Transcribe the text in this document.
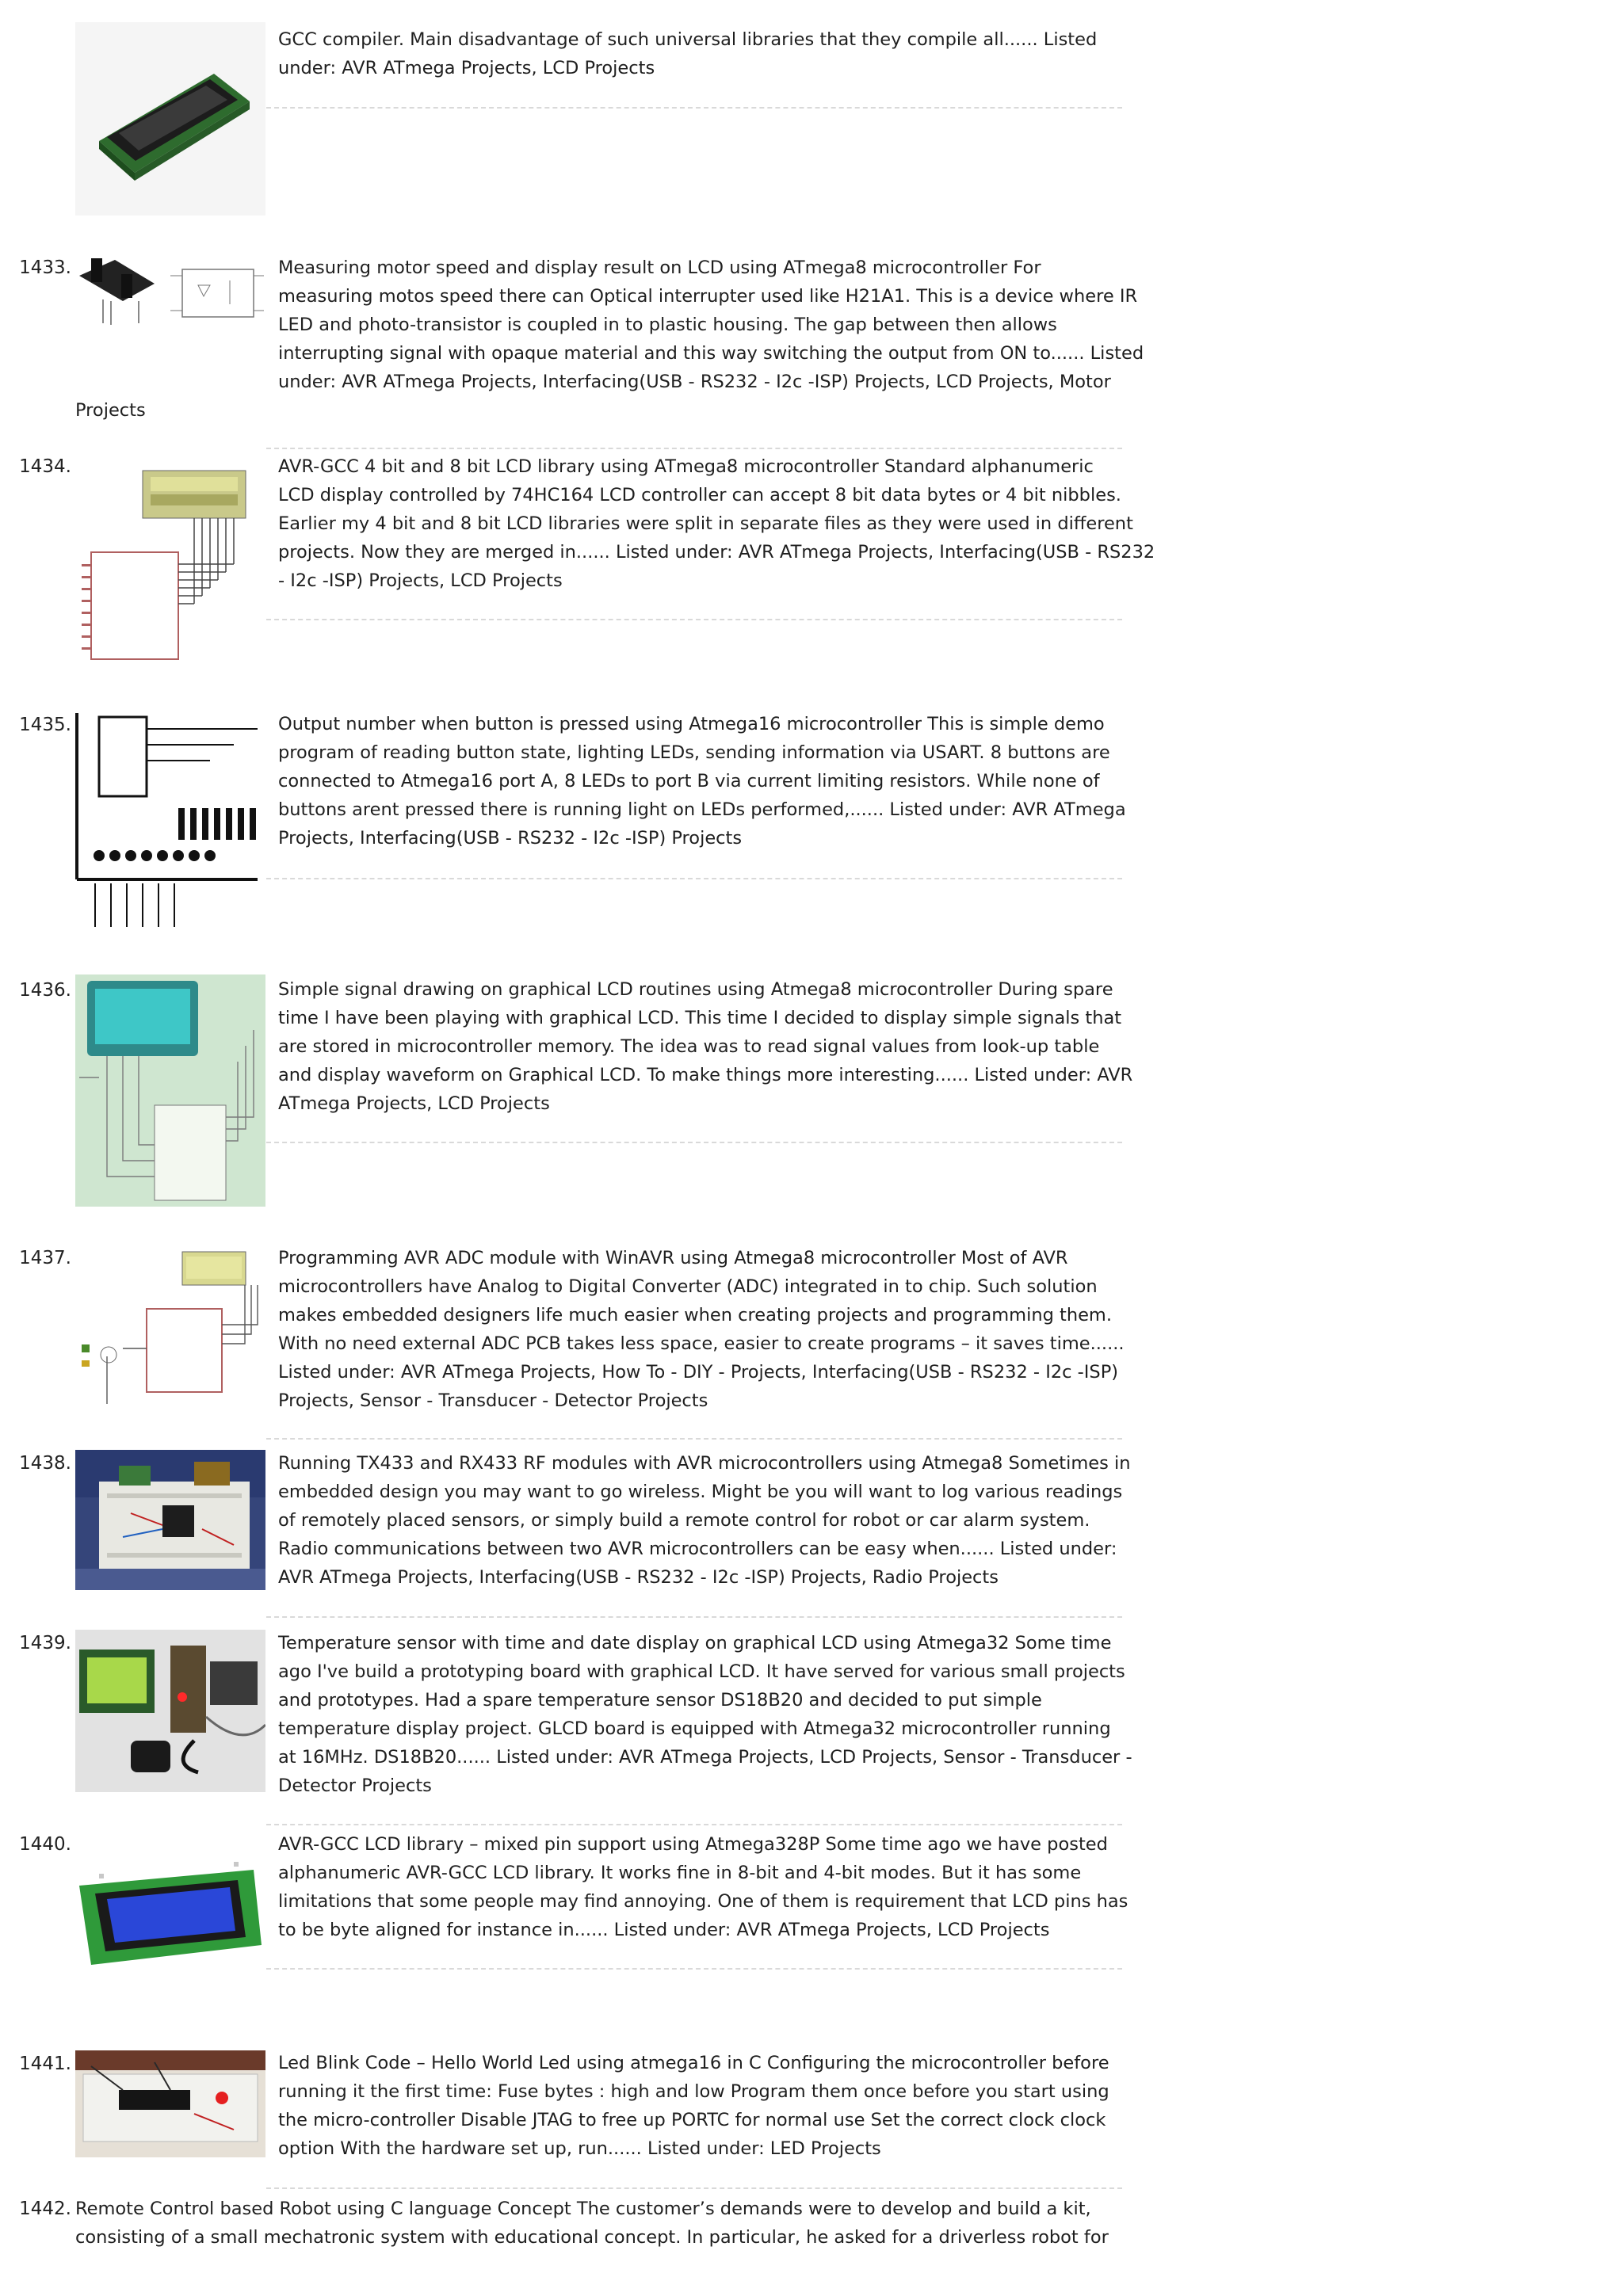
GCC compiler. Main disadvantage of such universal libraries that they compile all...... Listed
under: AVR ATmega Projects, LCD Projects
1433.	Measuring motor speed and display result on LCD using ATmega8 microcontroller For
measuring motos speed there can Optical interrupter used like H21A1. This is a device where IR
LED and photo-transistor is coupled in to plastic housing. The gap between then allows
interrupting signal with opaque material and this way switching the output from ON to...... Listed
under: AVR ATmega Projects, Interfacing(USB - RS232 - I2c -ISP) Projects, LCD Projects, Motor
Projects
1434.	AVR-GCC 4 bit and 8 bit LCD library using ATmega8 microcontroller Standard alphanumeric
LCD display controlled by 74HC164 LCD controller can accept 8 bit data bytes or 4 bit nibbles.
Earlier my 4 bit and 8 bit LCD libraries were split in separate files as they were used in different
projects. Now they are merged in...... Listed under: AVR ATmega Projects, Interfacing(USB - RS232
- I2c -ISP) Projects, LCD Projects
1435.	Output number when button is pressed using Atmega16 microcontroller This is simple demo
program of reading button state, lighting LEDs, sending information via USART. 8 buttons are
connected to Atmega16 port A, 8 LEDs to port B via current limiting resistors. While none of
buttons arent pressed there is running light on LEDs performed,...... Listed under: AVR ATmega
Projects, Interfacing(USB - RS232 - I2c -ISP) Projects
1436.	Simple signal drawing on graphical LCD routines using Atmega8 microcontroller During spare
time I have been playing with graphical LCD. This time I decided to display simple signals that
are stored in microcontroller memory. The idea was to read signal values from look-up table
and display waveform on Graphical LCD. To make things more interesting...... Listed under: AVR
ATmega Projects, LCD Projects
1437.	Programming AVR ADC module with WinAVR using Atmega8 microcontroller Most of AVR
microcontrollers have Analog to Digital Converter (ADC) integrated in to chip. Such solution
makes embedded designers life much easier when creating projects and programming them.
With no need external ADC PCB takes less space, easier to create programs – it saves time......
Listed under: AVR ATmega Projects, How To - DIY - Projects, Interfacing(USB - RS232 - I2c -ISP)
Projects, Sensor - Transducer - Detector Projects
1438.	Running TX433 and RX433 RF modules with AVR microcontrollers using Atmega8 Sometimes in
embedded design you may want to go wireless. Might be you will want to log various readings
of remotely placed sensors, or simply build a remote control for robot or car alarm system.
Radio communications between two AVR microcontrollers can be easy when...... Listed under:
AVR ATmega Projects, Interfacing(USB - RS232 - I2c -ISP) Projects, Radio Projects
1439.	Temperature sensor with time and date display on graphical LCD using Atmega32 Some time
ago I've build a prototyping board with graphical LCD. It have served for various small projects
and prototypes. Had a spare temperature sensor DS18B20 and decided to put simple
temperature display project. GLCD board is equipped with Atmega32 microcontroller running
at 16MHz. DS18B20...... Listed under: AVR ATmega Projects, LCD Projects, Sensor - Transducer -
Detector Projects
1440.	AVR-GCC LCD library – mixed pin support using Atmega328P Some time ago we have posted
alphanumeric AVR-GCC LCD library. It works fine in 8-bit and 4-bit modes. But it has some
limitations that some people may find annoying. One of them is requirement that LCD pins has
to be byte aligned for instance in...... Listed under: AVR ATmega Projects, LCD Projects
1441.	Led Blink Code – Hello World Led using atmega16 in C Configuring the microcontroller before
running it the first time: Fuse bytes : high and low Program them once before you start using
the micro-controller Disable JTAG to free up PORTC for normal use Set the correct clock clock
option With the hardware set up, run...... Listed under: LED Projects
1442. Remote Control based Robot using C language Concept The customer’s demands were to develop and build a kit,
consisting of a small mechatronic system with educational concept. In particular, he asked for a driverless robot for
